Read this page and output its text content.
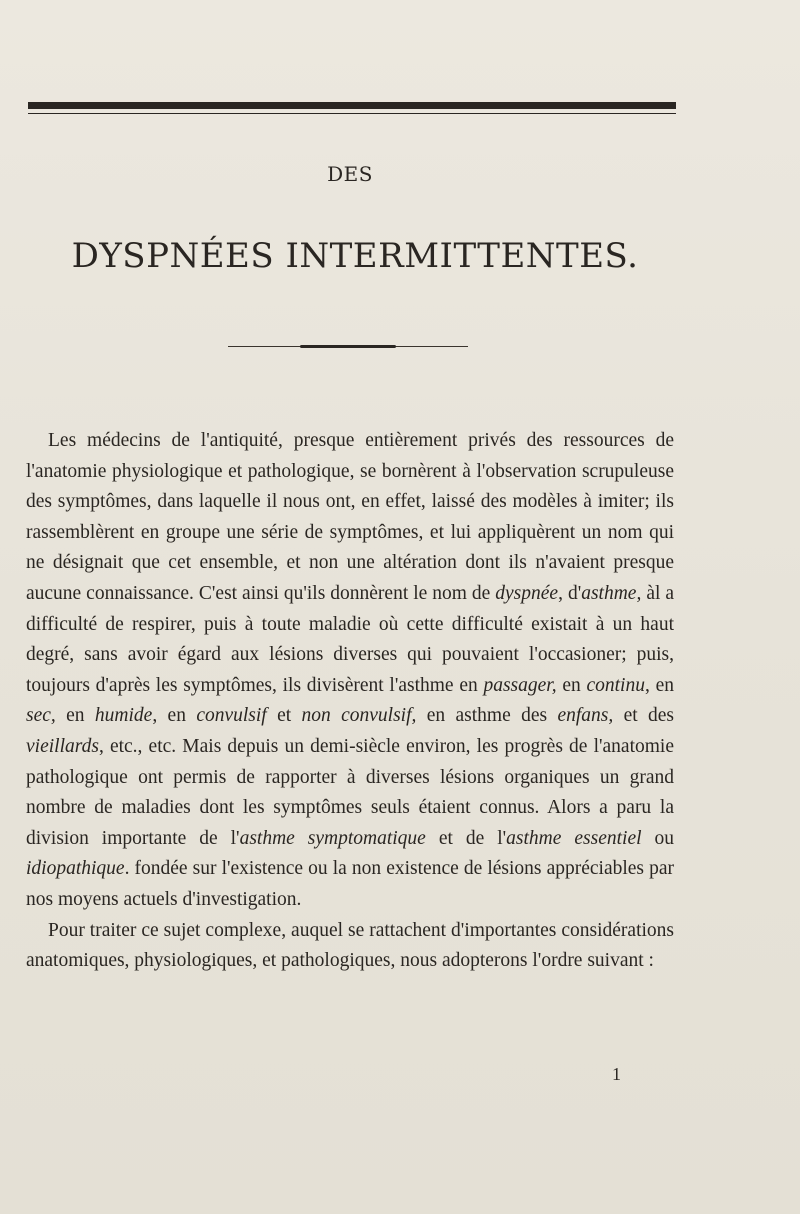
DES
DYSPNÉES INTERMITTENTES.

Les médecins de l'antiquité, presque entièrement privés des ressources de l'anatomie physiologique et pathologique, se bornèrent à l'observation scrupuleuse des symptômes, dans laquelle il nous ont, en effet, laissé des modèles à imiter; ils rassemblèrent en groupe une série de symptômes, et lui appliquèrent un nom qui ne désignait que cet ensemble, et non une altération dont ils n'avaient presque aucune connaissance. C'est ainsi qu'ils donnèrent le nom de dyspnée, d'asthme, àl a difficulté de respirer, puis à toute maladie où cette difficulté existait à un haut degré, sans avoir égard aux lésions diverses qui pouvaient l'occasioner; puis, toujours d'après les symptômes, ils divisèrent l'asthme en passager, en continu, en sec, en humide, en convulsif et non convulsif, en asthme des enfans, et des vieillards, etc., etc. Mais depuis un demi-siècle environ, les progrès de l'anatomie pathologique ont permis de rapporter à diverses lésions organiques un grand nombre de maladies dont les symptômes seuls étaient connus. Alors a paru la division importante de l'asthme symptomatique et de l'asthme essentiel ou idiopathique. fondée sur l'existence ou la non existence de lésions appréciables par nos moyens actuels d'investigation.

Pour traiter ce sujet complexe, auquel se rattachent d'importantes considérations anatomiques, physiologiques, et pathologiques, nous adopterons l'ordre suivant :

1
